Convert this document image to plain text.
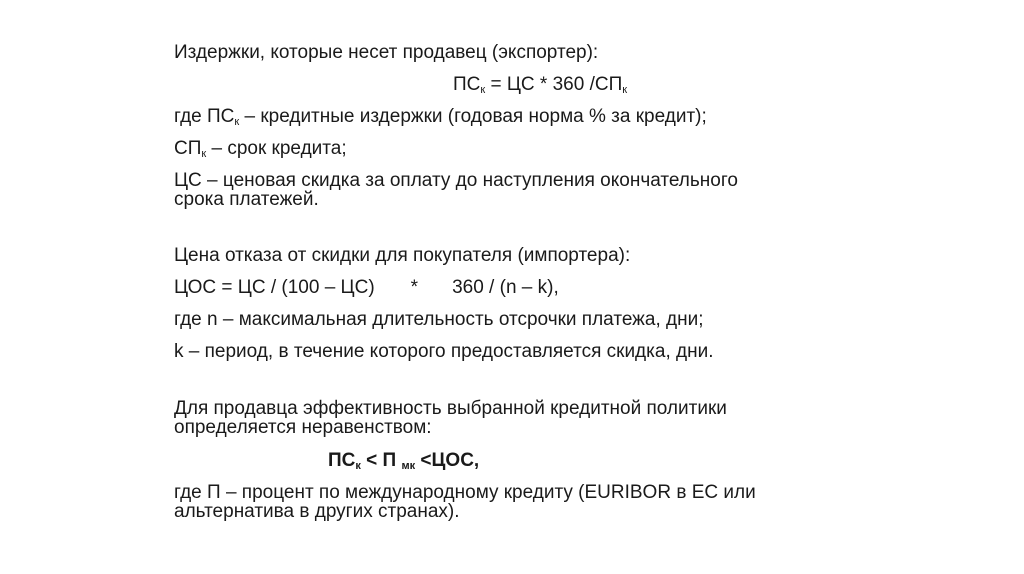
Издержки, которые несет продавец (экспортер):
$ПС_к$ = ЦС * 360 $/СП_к$
где $ПС_к$ – кредитные издержки (годовая норма % за кредит);
$СП_к$ – срок кредита;
ЦС – ценовая скидка за оплату до наступления окончательного
срока платежей.
Цена отказа от скидки для покупателя (импортера):
ЦОС = ЦС / (100 – ЦС) * 360 / (n – k),
где n – максимальная длительность отсрочки платежа, дни;
k – период, в течение которого предоставляется скидка, дни.
Для продавца эффективность выбранной кредитной политики
определяется неравенством:
$ПС_к < П$ $_{мк}$ <ЦОС,
где П – процент по международному кредиту (EURIBOR в ЕС или
альтернатива в других странах).
